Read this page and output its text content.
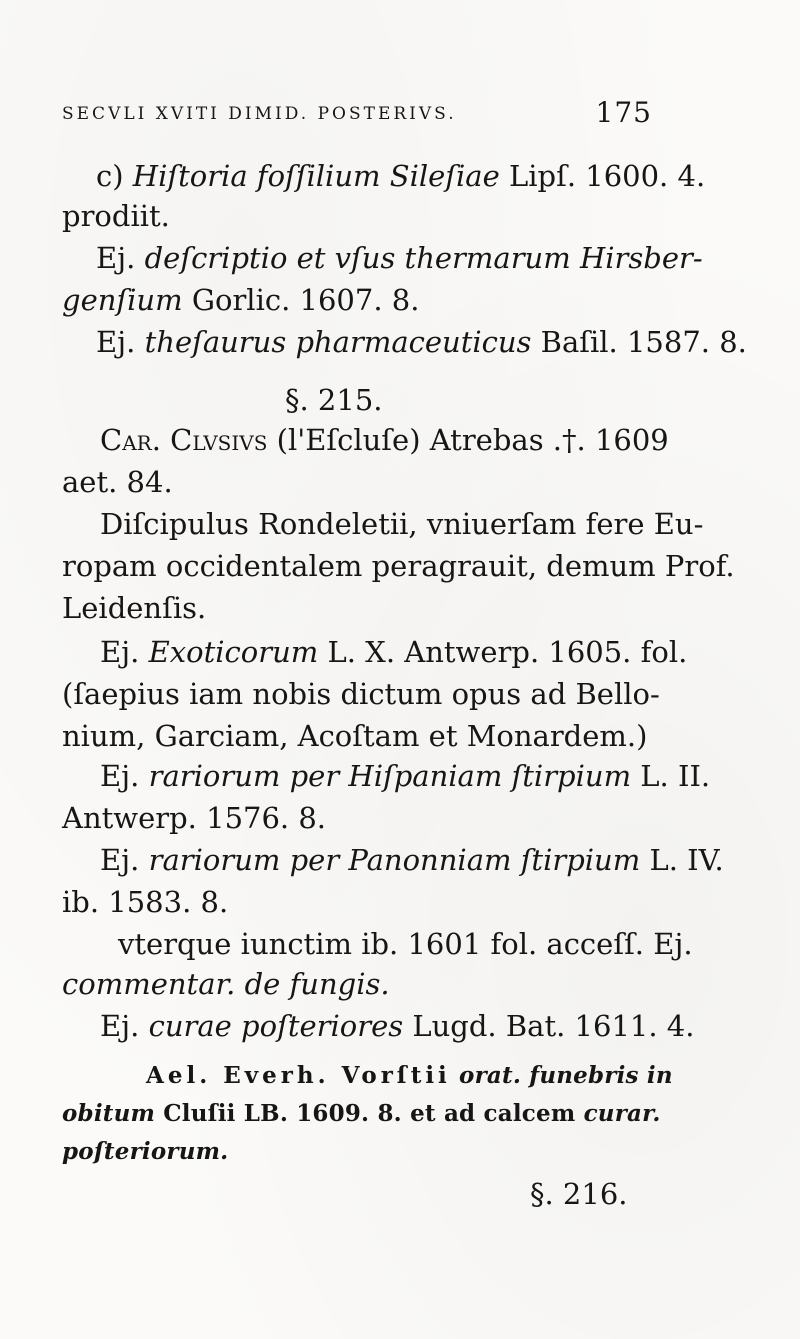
SECVLI XVITI DIMID. POSTERIVS.	175
c) Hiſtoria foſſilium Sileſiae Lipſ. 1600. 4.
prodiit.
Ej. deſcriptio et vſus thermarum Hirsber-
genſium Gorlic. 1607. 8.
Ej. theſaurus pharmaceuticus Baſil. 1587. 8.
§. 215.
Car. Clvsivs (l'Eſcluſe) Atrebas .†. 1609
aet. 84.
Diſcipulus Rondeletii, vniuerſam fere Eu-
ropam occidentalem peragrauit, demum Prof.
Leidenſis.
Ej. Exoticorum L. X. Antwerp. 1605. fol.
(ſaepius iam nobis dictum opus ad Bello-
nium, Garciam, Acoſtam et Monardem.)
Ej. rariorum per Hiſpaniam ſtirpium L. II.
Antwerp. 1576. 8.
Ej. rariorum per Panonniam ſtirpium L. IV.
ib. 1583. 8.
vterque iunctim ib. 1601 fol. acceſſ. Ej.
commentar. de fungis.
Ej. curae poſteriores Lugd. Bat. 1611. 4.
Ael. Everh. Vorſtii orat. funebris in
obitum Cluſii LB. 1609. 8. et ad calcem curar.
poſteriorum.
§. 216.
